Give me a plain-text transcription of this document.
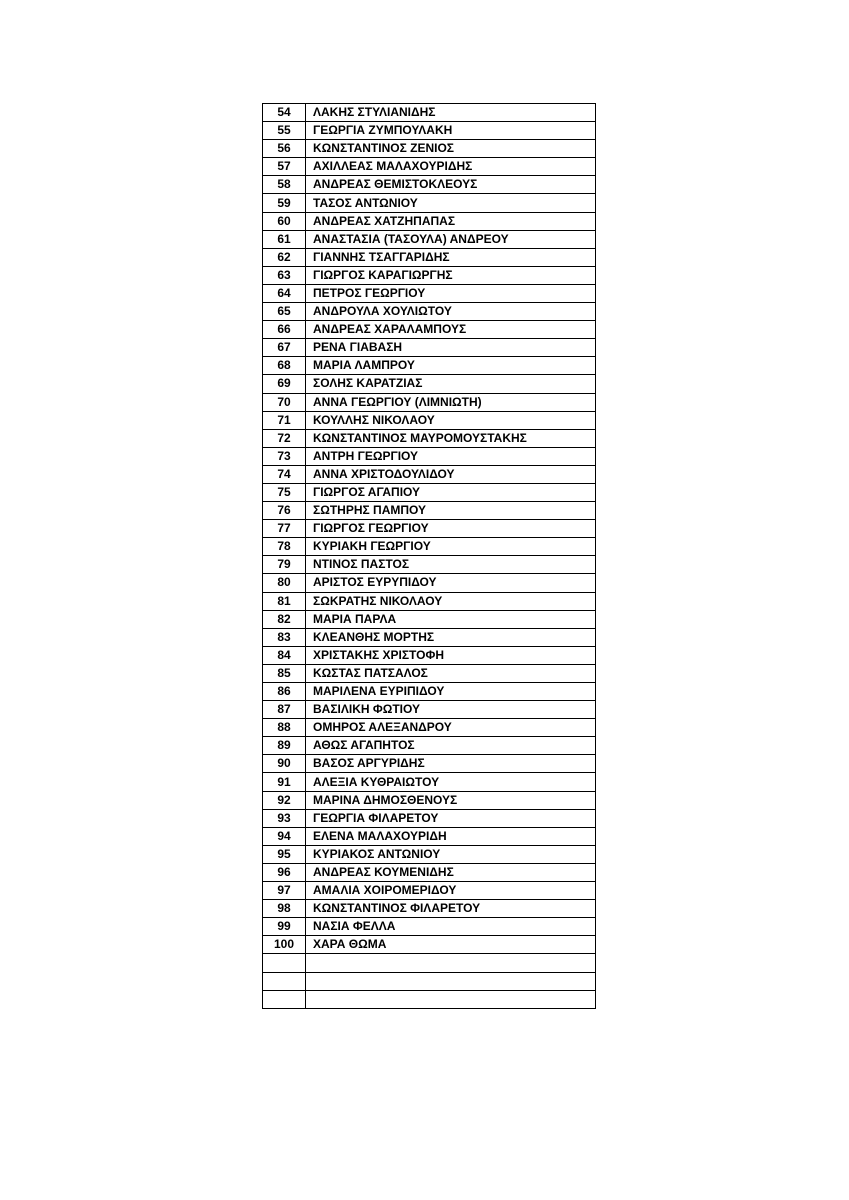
54	ΛΑΚΗΣ ΣΤΥΛΙΑΝΙΔΗΣ
55	ΓΕΩΡΓΙΑ ΖΥΜΠΟΥΛΑΚΗ
56	ΚΩΝΣΤΑΝΤΙΝΟΣ ΖΕΝΙΟΣ
57	ΑΧΙΛΛΕΑΣ ΜΑΛΑΧΟΥΡΙΔΗΣ
58	ΑΝΔΡΕΑΣ ΘΕΜΙΣΤΟΚΛΕΟΥΣ
59	ΤΑΣΟΣ ΑΝΤΩΝΙΟΥ
60	ΑΝΔΡΕΑΣ ΧΑΤΖΗΠΑΠΑΣ
61	ΑΝΑΣΤΑΣΙΑ (ΤΑΣΟΥΛΑ) ΑΝΔΡΕΟΥ
62	ΓΙΑΝΝΗΣ ΤΣΑΓΓΑΡΙΔΗΣ
63	ΓΙΩΡΓΟΣ ΚΑΡΑΓΙΩΡΓΗΣ
64	ΠΕΤΡΟΣ ΓΕΩΡΓΙΟΥ
65	ΑΝΔΡΟΥΛΑ ΧΟΥΛΙΩΤΟΥ
66	ΑΝΔΡΕΑΣ ΧΑΡΑΛΑΜΠΟΥΣ
67	ΡΕΝΑ ΓΙΑΒΑΣΗ
68	ΜΑΡΙΑ ΛΑΜΠΡΟΥ
69	ΣΟΛΗΣ ΚΑΡΑΤΖΙΑΣ
70	ΑΝΝΑ ΓΕΩΡΓΙΟΥ (ΛΙΜΝΙΩΤΗ)
71	ΚΟΥΛΛΗΣ ΝΙΚΟΛΑΟΥ
72	ΚΩΝΣΤΑΝΤΙΝΟΣ ΜΑΥΡΟΜΟΥΣΤΑΚΗΣ
73	ΑΝΤΡΗ ΓΕΩΡΓΙΟΥ
74	ΑΝΝΑ ΧΡΙΣΤΟΔΟΥΛΙΔΟΥ
75	ΓΙΩΡΓΟΣ ΑΓΑΠΙΟΥ
76	ΣΩΤΗΡΗΣ ΠΑΜΠΟΥ
77	ΓΙΩΡΓΟΣ ΓΕΩΡΓΙΟΥ
78	ΚΥΡΙΑΚΗ ΓΕΩΡΓΙΟΥ
79	ΝΤΙΝΟΣ ΠΑΣΤΟΣ
80	ΑΡΙΣΤΟΣ ΕΥΡΥΠΙΔΟΥ
81	ΣΩΚΡΑΤΗΣ ΝΙΚΟΛΑΟΥ
82	ΜΑΡΙΑ ΠΑΡΛΑ
83	ΚΛΕΑΝΘΗΣ ΜΟΡΤΗΣ
84	ΧΡΙΣΤΑΚΗΣ ΧΡΙΣΤΟΦΗ
85	ΚΩΣΤΑΣ ΠΑΤΣΑΛΟΣ
86	ΜΑΡΙΛΕΝΑ ΕΥΡΙΠΙΔΟΥ
87	ΒΑΣΙΛΙΚΗ ΦΩΤΙΟΥ
88	ΟΜΗΡΟΣ ΑΛΕΞΑΝΔΡΟΥ
89	ΑΘΩΣ ΑΓΑΠΗΤΟΣ
90	ΒΑΣΟΣ ΑΡΓΥΡΙΔΗΣ
91	ΑΛΕΞΙΑ ΚΥΘΡΑΙΩΤΟΥ
92	ΜΑΡΙΝΑ ΔΗΜΟΣΘΕΝΟΥΣ
93	ΓΕΩΡΓΙΑ ΦΙΛΑΡΕΤΟΥ
94	ΕΛΕΝΑ ΜΑΛΑΧΟΥΡΙΔΗ
95	ΚΥΡΙΑΚΟΣ ΑΝΤΩΝΙΟΥ
96	ΑΝΔΡΕΑΣ ΚΟΥΜΕΝΙΔΗΣ
97	ΑΜΑΛΙΑ ΧΟΙΡΟΜΕΡΙΔΟΥ
98	ΚΩΝΣΤΑΝΤΙΝΟΣ ΦΙΛΑΡΕΤΟΥ
99	ΝΑΣΙΑ ΦΕΛΛΑ
100	ΧΑΡΑ ΘΩΜΑ
